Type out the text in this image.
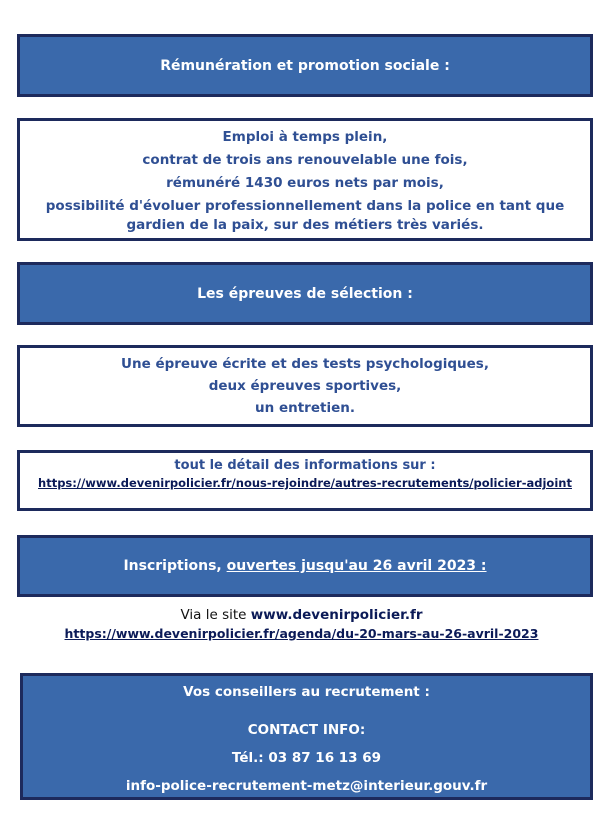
Rémunération et promotion sociale :
Emploi à temps plein,
contrat de trois ans renouvelable une fois,
rémunéré 1430 euros nets par mois,
possibilité d'évoluer professionnellement dans la police en tant que gardien de la paix, sur des métiers très variés.
Les épreuves de sélection :
Une épreuve écrite et des tests psychologiques,
deux épreuves sportives,
un entretien.
tout le détail des informations sur :
https://www.devenirpolicier.fr/nous-rejoindre/autres-recrutements/policier-adjoint
Inscriptions, ouvertes jusqu'au 26 avril 2023 :
Via le site www.devenirpolicier.fr
https://www.devenirpolicier.fr/agenda/du-20-mars-au-26-avril-2023
Vos conseillers au recrutement :
CONTACT INFO:
Tél.: 03 87 16 13 69
info-police-recrutement-metz@interieur.gouv.fr
